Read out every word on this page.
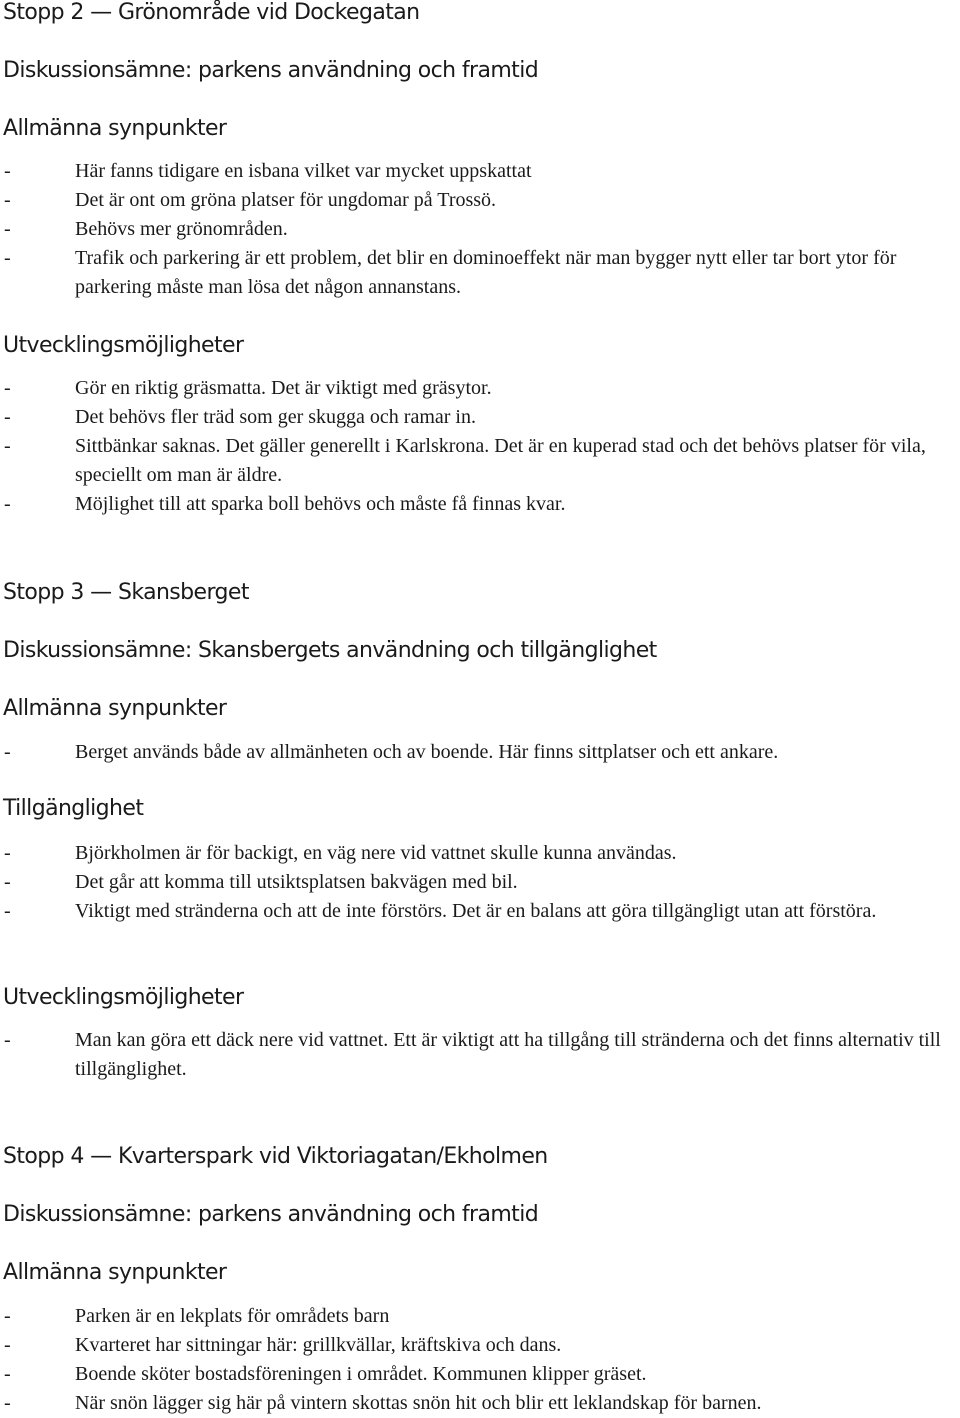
Stopp 2 — Grönområde vid Dockegatan
Diskussionsämne: parkens användning och framtid
Allmänna synpunkter
-	Här fanns tidigare en isbana vilket var mycket uppskattat
-	Det är ont om gröna platser för ungdomar på Trossö.
-	Behövs mer grönområden.
-	Trafik och parkering är ett problem, det blir en dominoeffekt när man bygger nytt eller tar bort ytor för parkering måste man lösa det någon annanstans.
Utvecklingsmöjligheter
-	Gör en riktig gräsmatta. Det är viktigt med gräsytor.
-	Det behövs fler träd som ger skugga och ramar in.
-	Sittbänkar saknas. Det gäller generellt i Karlskrona. Det är en kuperad stad och det behövs platser för vila, speciellt om man är äldre.
-	Möjlighet till att sparka boll behövs och måste få finnas kvar.
Stopp 3 — Skansberget
Diskussionsämne: Skansbergets användning och tillgänglighet
Allmänna synpunkter
-	Berget används både av allmänheten och av boende. Här finns sittplatser och ett ankare.
Tillgänglighet
-	Björkholmen är för backigt, en väg nere vid vattnet skulle kunna användas.
-	Det går att komma till utsiktsplatsen bakvägen med bil.
-	Viktigt med stränderna och att de inte förstörs. Det är en balans att göra tillgängligt utan att förstöra.
Utvecklingsmöjligheter
-	Man kan göra ett däck nere vid vattnet. Ett är viktigt att ha tillgång till stränderna och det finns alternativ till tillgänglighet.
Stopp 4 — Kvarterspark vid Viktoriagatan/Ekholmen
Diskussionsämne: parkens användning och framtid
Allmänna synpunkter
-	Parken är en lekplats för områdets barn
-	Kvarteret har sittningar här: grillkvällar, kräftskiva och dans.
-	Boende sköter bostadsföreningen i området. Kommunen klipper gräset.
-	När snön lägger sig här på vintern skottas snön hit och blir ett leklandskap för barnen.
